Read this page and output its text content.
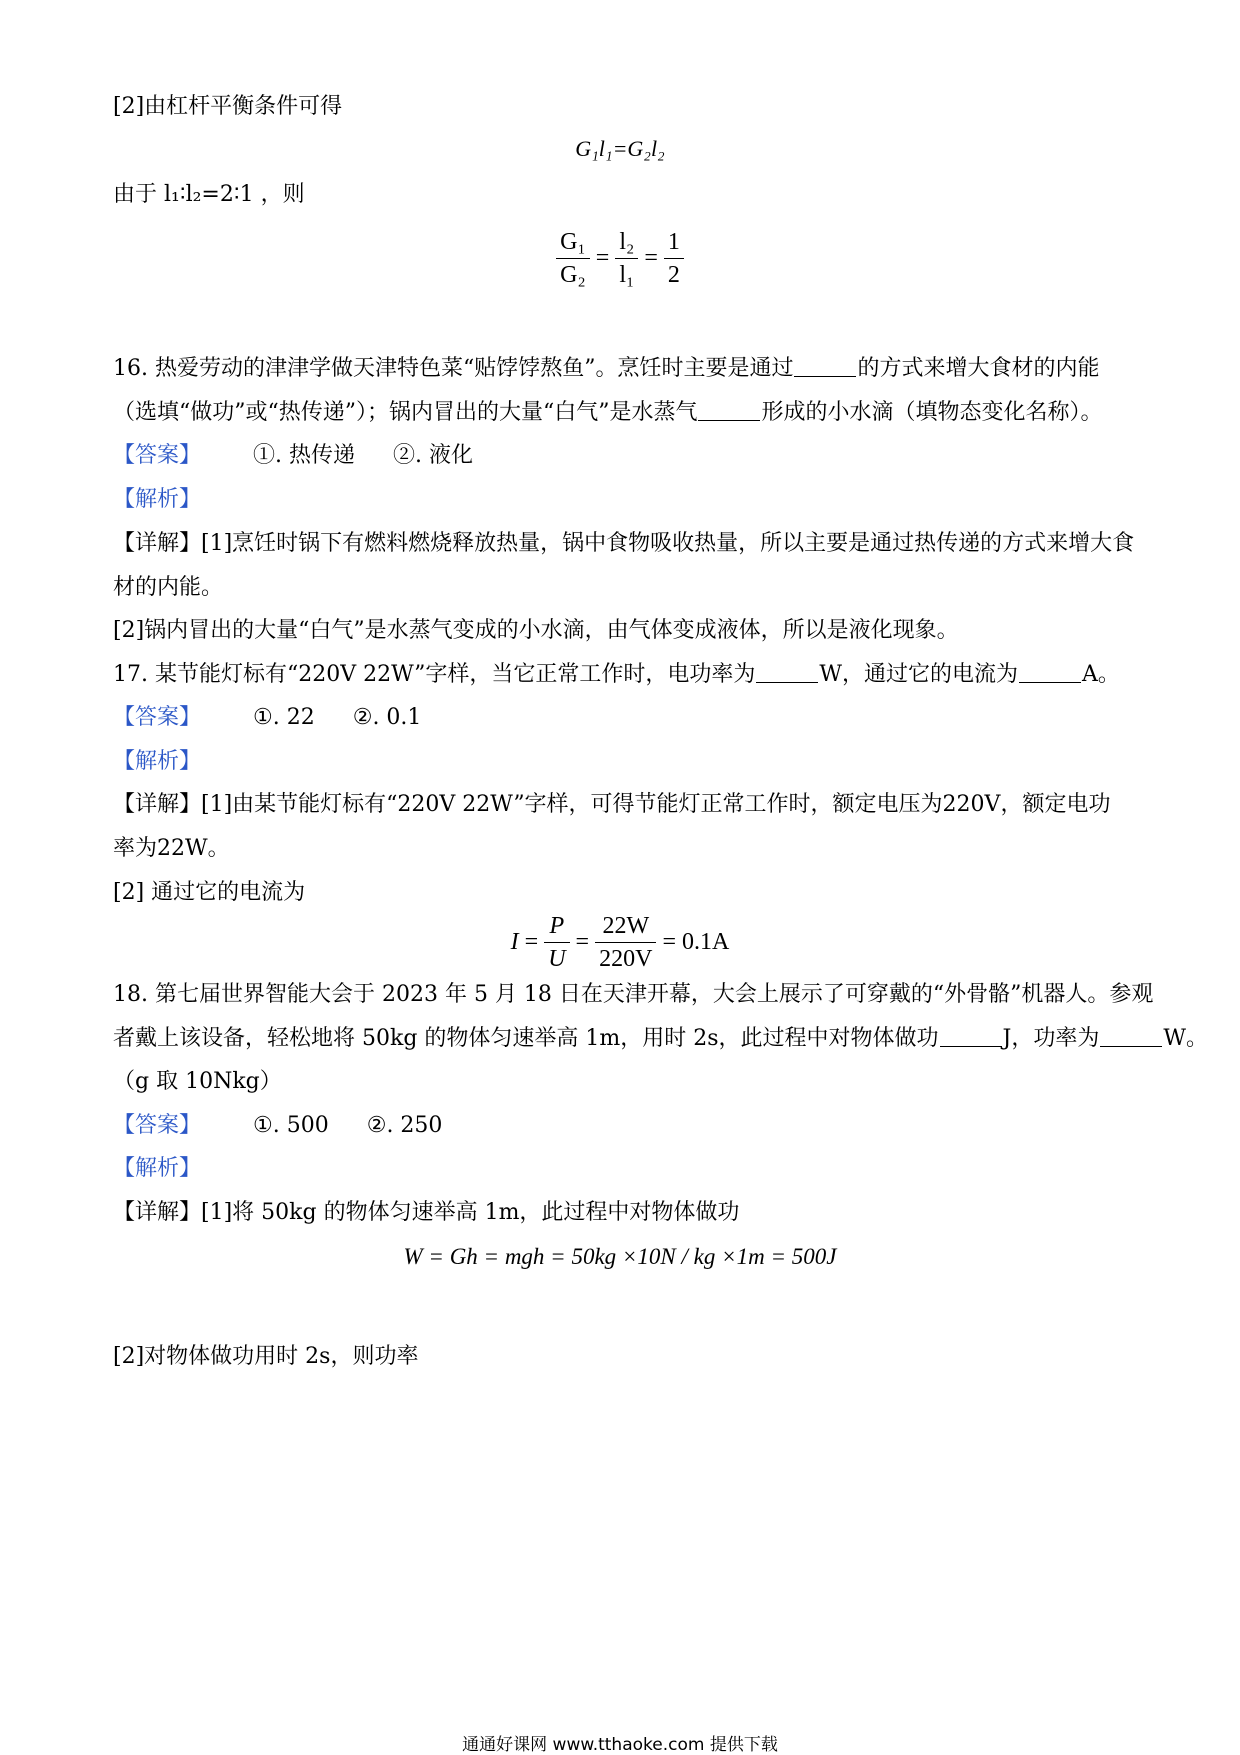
[2]由杠杆平衡条件可得
G₁l₁=G₂l₂
由于 l₁∶l₂=2∶1 ，则
$\frac{\text{G₁}}{\text{G₂}} = \frac{\text{l₂}}{\text{l₁}} = \frac{1}{2}$
16. 热爱劳动的津津学做天津特色菜“贴饽饽熬鱼”。烹饪时主要是通过	的方式来增大食材的内能
（选填“做功”或“热传递”）；锅内冒出的大量“白气”是水蒸气	形成的小水滴（填物态变化名称）。
【答案】 ①. 热传递 ②. 液化
【解析】
【详解】[1]烹饪时锅下有燃料燃烧释放热量，锅中食物吸收热量，所以主要是通过热传递的方式来增大食
材的内能。
[2]锅内冒出的大量“白气”是水蒸气变成的小水滴，由气体变成液体，所以是液化现象。
17. 某节能灯标有“220V 22W”字样，当它正常工作时，电功率为	W，通过它的电流为	A。
【答案】 ①. 22 ②. 0.1
【解析】
【详解】[1]由某节能灯标有“220V 22W”字样，可得节能灯正常工作时，额定电压为220V，额定电功
率为22W。
[2] 通过它的电流为
$I = \frac{P}{U} = \frac{22W}{220V} = 0.1A$
18. 第七届世界智能大会于 2023 年 5 月 18 日在天津开幕，大会上展示了可穿戴的“外骨骼”机器人。参观
者戴上该设备，轻松地将 50kg 的物体匀速举高 1m，用时 2s，此过程中对物体做功	J，功率为	W。
（g 取 10Nkg）
【答案】 ①. 500 ②. 250
【解析】
【详解】[1]将 50kg 的物体匀速举高 1m，此过程中对物体做功
W = Gh = mgh = 50kg ×10N / kg ×1m = 500J
[2]对物体做功用时 2s，则功率
通通好课网 www.tthaoke.com 提供下载
